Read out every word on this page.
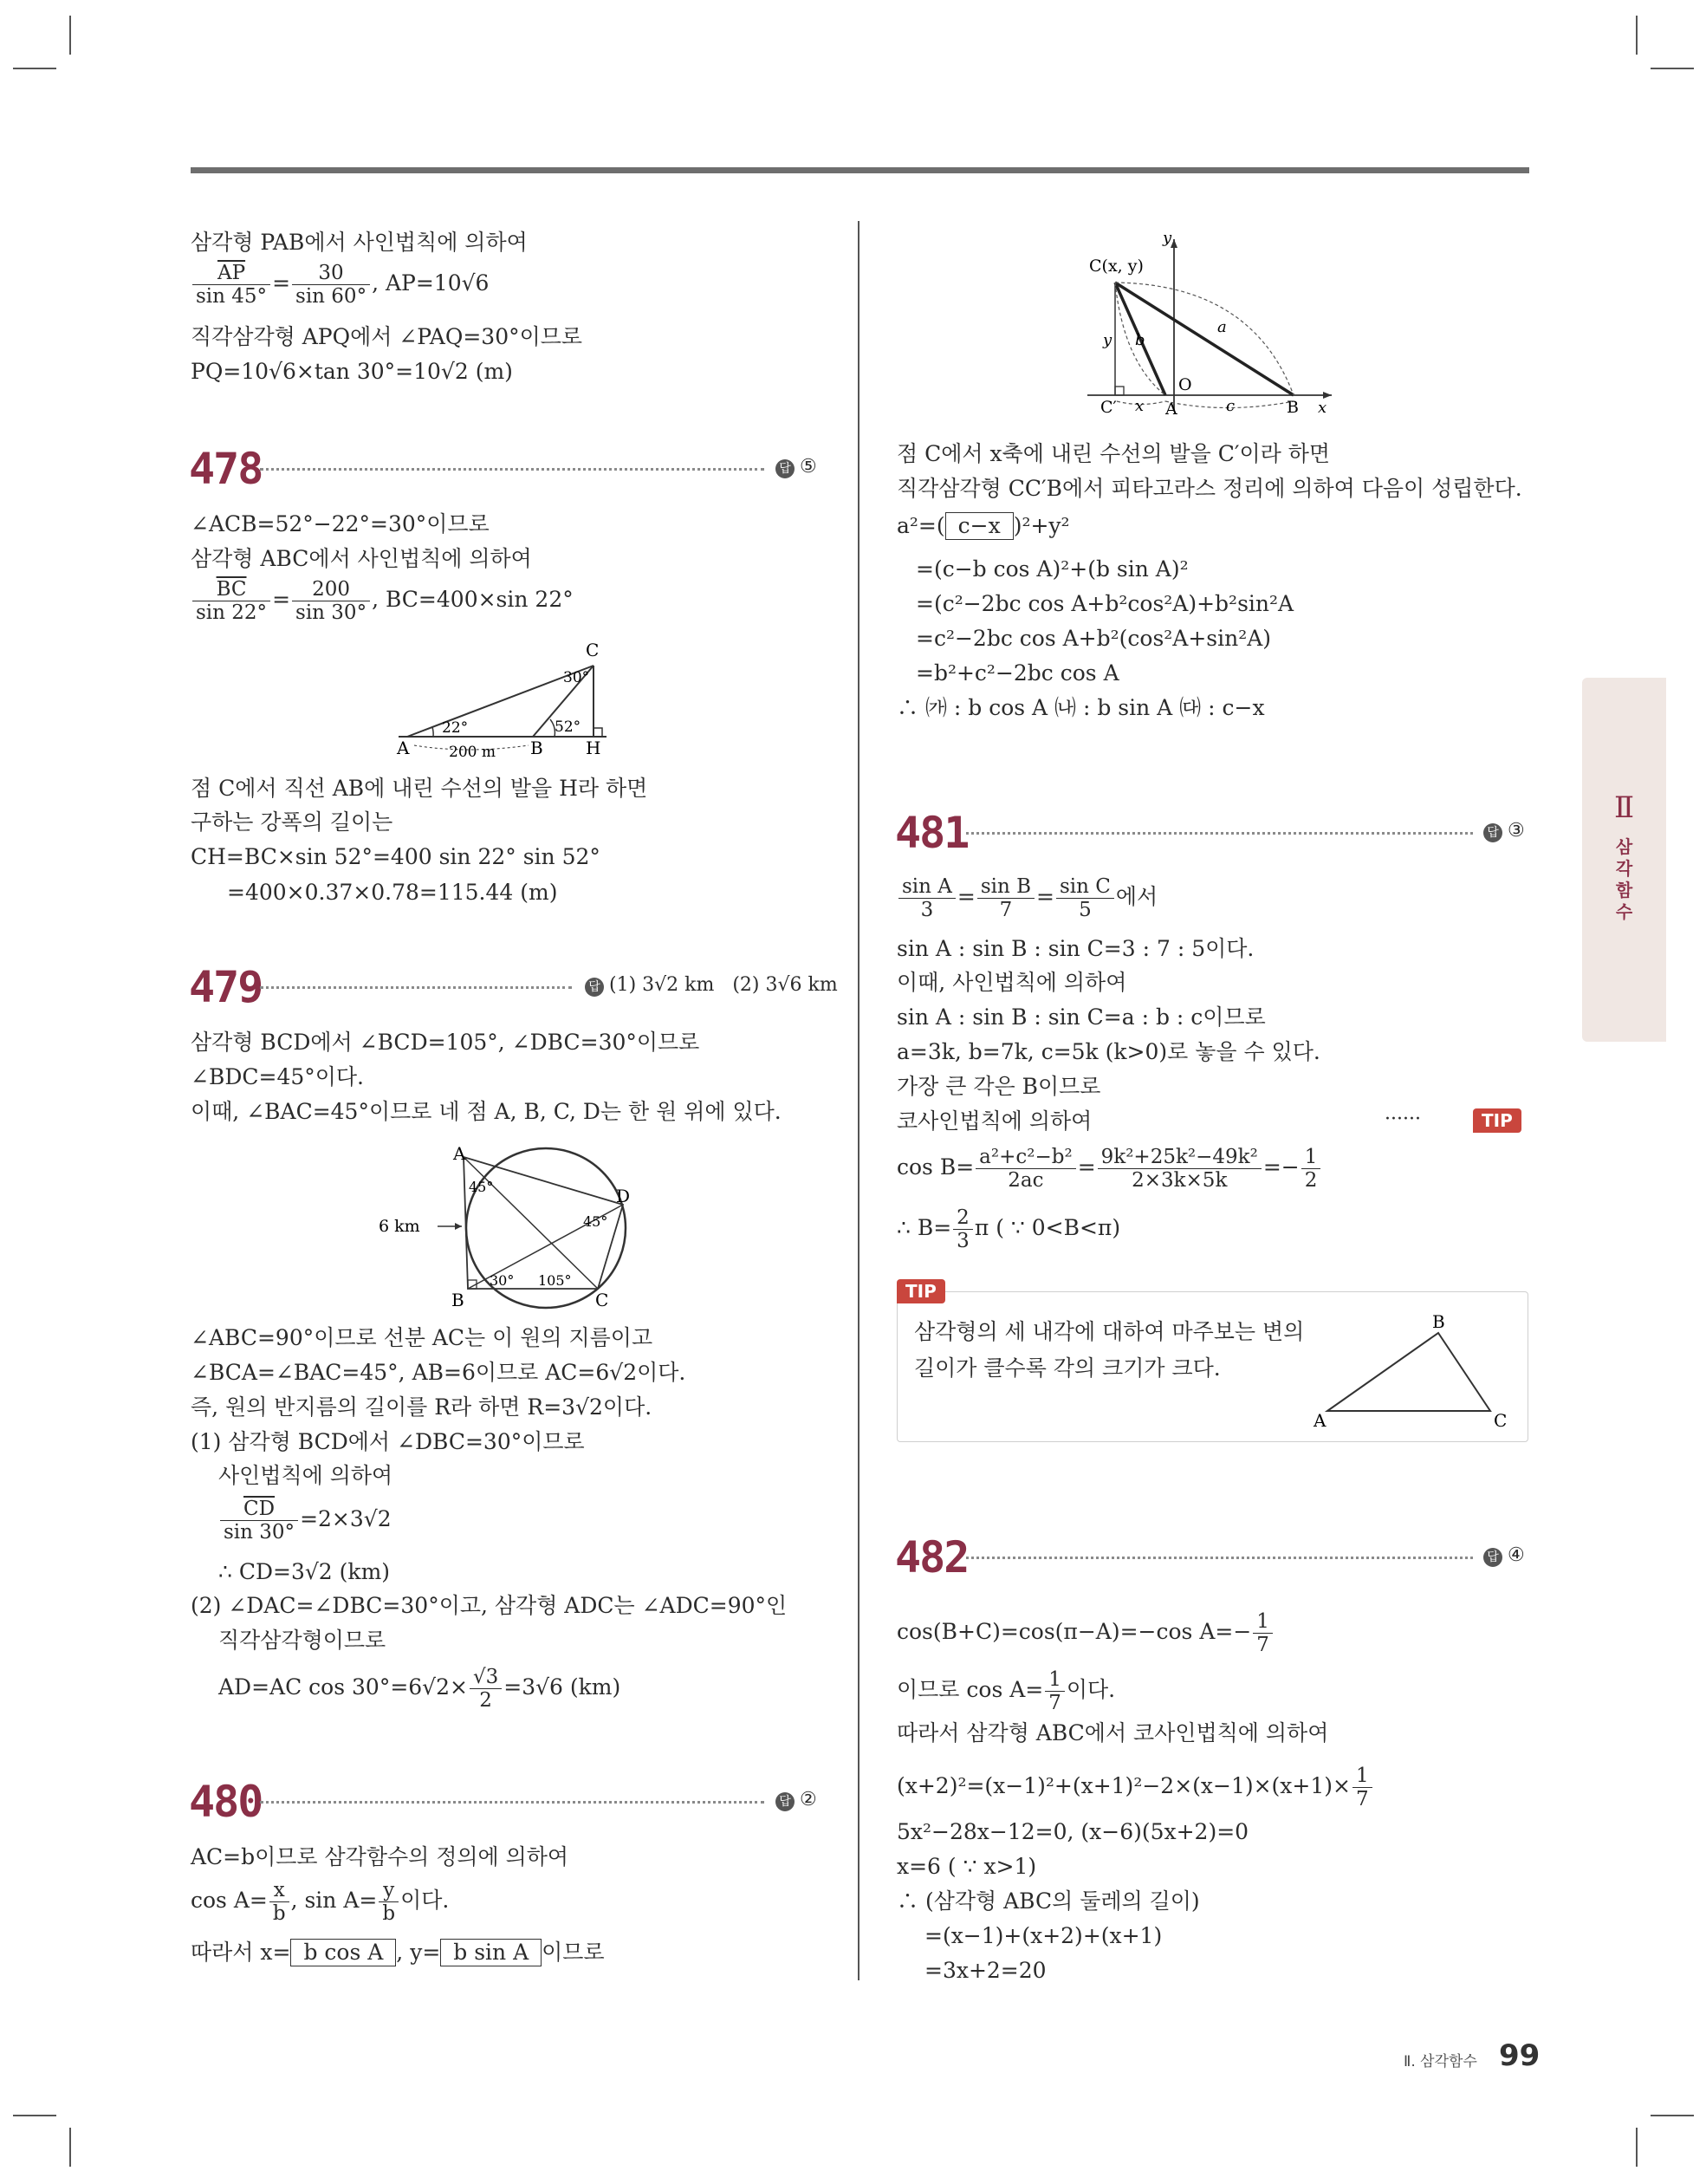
삼각형 PAB에서 사인법칙에 의하여
$\frac{\overline{AP}}{\sin 45^\circ} = \frac{30}{\sin 60^\circ}$ , AP=10√6
직각삼각형 APQ에서 ∠PAQ=30°이므로
PQ=10√6×tan 30°=10√2 (m)
478	답 ⑤
∠ACB=52°−22°=30°이므로
삼각형 ABC에서 사인법칙에 의하여
$\frac{\overline{BC}}{\sin 22^\circ} = \frac{200}{\sin 30^\circ}$ , BC=400×sin 22°
A	B
C
H
22°
30°
52°
200 m
점 C에서 직선 AB에 내린 수선의 발을 H라 하면
구하는 강폭의 길이는
CH=BC×sin 52°=400 sin 22° sin 52°
=400×0.37×0.78=115.44 (m)
479	답 (1) 3√2 km (2) 3√6 km
삼각형 BCD에서 ∠BCD=105°, ∠DBC=30°이므로
∠BDC=45°이다.
이때, ∠BAC=45°이므로 네 점 A, B, C, D는 한 원 위에 있다.
A
B	C
D
6 km
45°
45°
30° 105°
∠ABC=90°이므로 선분 AC는 이 원의 지름이고
∠BCA=∠BAC=45°, AB=6이므로 AC=6√2이다.
즉, 원의 반지름의 길이를 R라 하면 R=3√2이다.
(1) 삼각형 BCD에서 ∠DBC=30°이므로
사인법칙에 의하여
$\frac{\overline{CD}}{\sin 30^\circ} =2\times 3√2$
∴ CD=3√2 (km)
(2) ∠DAC=∠DBC=30°이고, 삼각형 ADC는 ∠ADC=90°인
직각삼각형이므로
AD=AC $\cos 30^\circ=6√2\times \frac{√3}{2} =3√6$ (km)
480	답 ②
AC=b이므로 삼각함수의 정의에 의하여
$\cos A= \frac{x}{b}$ , $\sin A= \frac{y}{b}$ 이다.
따라서 x= b cos A , y= b sin A 이므로
C(x, y)
y
x
O
A	B
C′
a
b
c
y
x
점 C에서 x축에 내린 수선의 발을 C′이라 하면
직각삼각형 CC′B에서 피타고라스 정리에 의하여 다음이 성립한다.
a²=( c−x )²+y²
=(c−b cos A)²+(b sin A)²
=(c²−2bc cos A+b²cos²A)+b²sin²A
=c²−2bc cos A+b²(cos²A+sin²A)
=b²+c²−2bc cos A
∴ ㈎ : b cos A ㈏ : b sin A ㈐ : c−x
481	답 ③
$\frac{\text{sin A}}{3} = \frac{\text{sin B}}{7} = \frac{\text{sin C}}{5}$ 에서
sin A : sin B : sin C=3 : 7 : 5이다.
이때, 사인법칙에 의하여
sin A : sin B : sin C=a : b : c이므로
a=3k, b=7k, c=5k (k>0)로 놓을 수 있다.
가장 큰 각은 B이므로
코사인법칙에 의하여	······	TIP
$\cos B= \frac{\text{a²+c²−b²}}{2ac} = \frac{\text{9k²+25k²−49k²}}{2\times 3k\times 5k} =- \frac{1}{2}$
∴ $B= \frac{2}{3}$ π ( ∵ 0<B<π)
TIP
삼각형의 세 내각에 대하여 마주보는 변의
길이가 클수록 각의 크기가 크다.
B
A	C
482	답 ④
cos(B+C)=cos(π−A)=−cos $A=- \frac{1}{7}$
이므로 $\cos A= \frac{1}{7}$ 이다.
따라서 삼각형 ABC에서 코사인법칙에 의하여
$(x+2)^2=(x-1)^2+(x+1)^2-2\times(x-1)\times(x+1)\times \frac{1}{7}$
5x²−28x−12=0, (x−6)(5x+2)=0
x=6 ( ∵ x>1)
∴ (삼각형 ABC의 둘레의 길이)
=(x−1)+(x+2)+(x+1)
=3x+2=20
Ⅱ
삼
각
함
수
Ⅱ. 삼각함수 99
